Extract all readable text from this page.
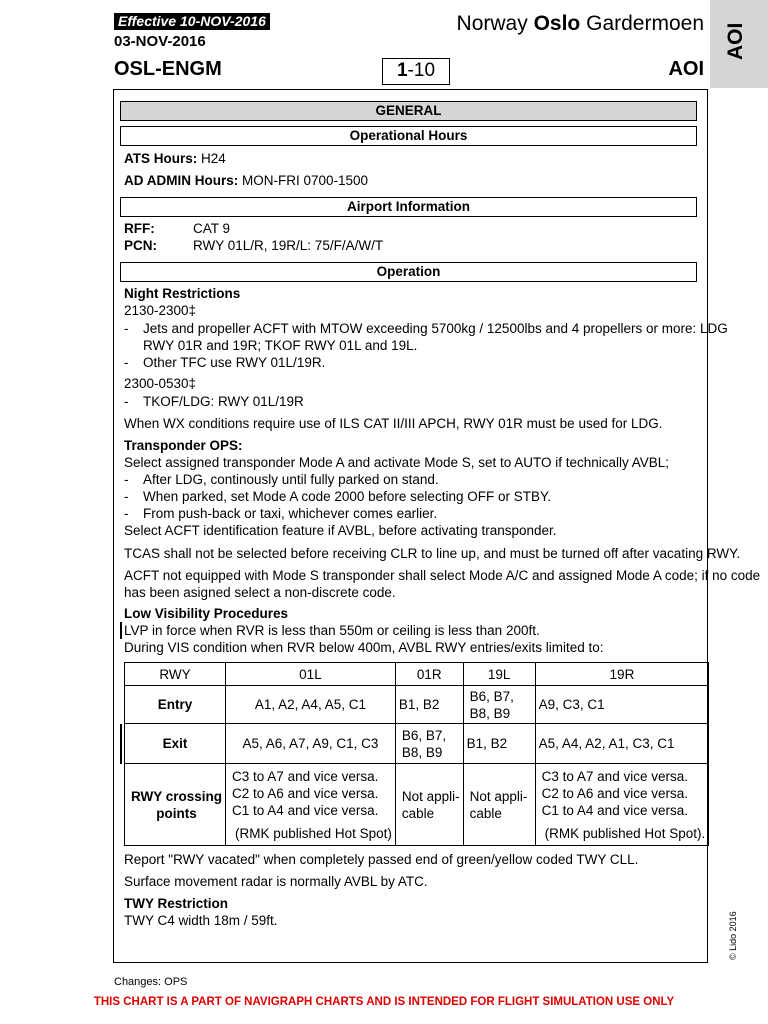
Effective 10-NOV-2016
03-NOV-2016
OSL-ENGM
Norway Oslo Gardermoen
1-10	AOI
AOI
GENERAL
Operational Hours
ATS Hours: H24
AD ADMIN Hours: MON-FRI 0700-1500
Airport Information
RFF:	CAT 9
PCN:	RWY 01L/R, 19R/L: 75/F/A/W/T
Operation
Night Restrictions
2130-2300‡
- Jets and propeller ACFT with MTOW exceeding 5700kg / 12500lbs and 4 propellers or more: LDG
RWY 01R and 19R; TKOF RWY 01L and 19L.
- Other TFC use RWY 01L/19R.
2300-0530‡
- TKOF/LDG: RWY 01L/19R
When WX conditions require use of ILS CAT II/III APCH, RWY 01R must be used for LDG.
Transponder OPS:
Select assigned transponder Mode A and activate Mode S, set to AUTO if technically AVBL;
- After LDG, continously until fully parked on stand.
- When parked, set Mode A code 2000 before selecting OFF or STBY.
- From push-back or taxi, whichever comes earlier.
Select ACFT identification feature if AVBL, before activating transponder.
TCAS shall not be selected before receiving CLR to line up, and must be turned off after vacating RWY.
ACFT not equipped with Mode S transponder shall select Mode A/C and assigned Mode A code; if no code
has been asigned select a non-discrete code.
Low Visibility Procedures
LVP in force when RVR is less than 550m or ceiling is less than 200ft.
During VIS condition when RVR below 400m, AVBL RWY entries/exits limited to:
RWY	01L	01R	19L	19R
Entry	A1, A2, A4, A5, C1	B1, B2	B6, B7,
B8, B9	A9, C3, C1
Exit	A5, A6, A7, A9, C1, C3	B6, B7,
B8, B9	B1, B2	A5, A4, A2, A1, C3, C1

RWY crossing
points	C3 to A7 and vice versa.
C2 to A6 and vice versa.
C1 to A4 and vice versa.
(RMK published Hot Spot)	Not appli-
cable	Not appli-
cable	C3 to A7 and vice versa.
C2 to A6 and vice versa.
C1 to A4 and vice versa.
(RMK published Hot Spot).
Report "RWY vacated" when completely passed end of green/yellow coded TWY CLL.
Surface movement radar is normally AVBL by ATC.
TWY Restriction
TWY C4 width 18m / 59ft.	© Lido 2016
Changes: OPS
THIS CHART IS A PART OF NAVIGRAPH CHARTS AND IS INTENDED FOR FLIGHT SIMULATION USE ONLY
